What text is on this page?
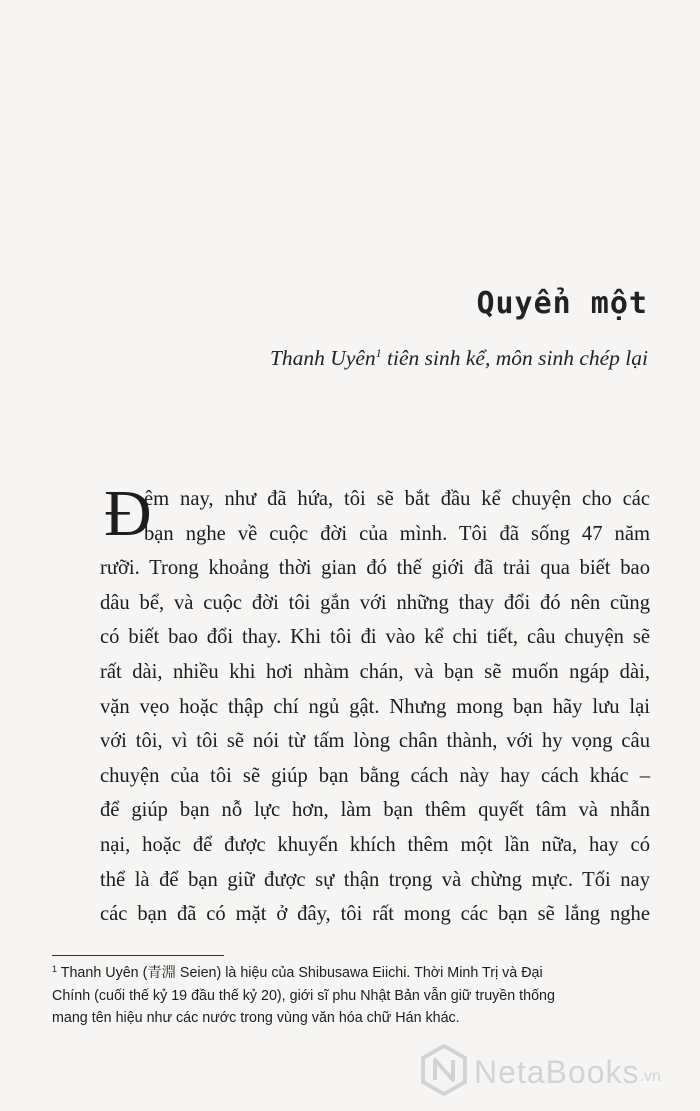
Quyển một
Thanh Uyên$^1$ tiên sinh kể, môn sinh chép lại
Đ
êm nay, như đã hứa, tôi sẽ bắt đầu kể chuyện cho các
bạn nghe về cuộc đời của mình. Tôi đã sống 47 năm
rưỡi. Trong khoảng thời gian đó thế giới đã trải qua biết bao
dâu bể, và cuộc đời tôi gắn với những thay đổi đó nên cũng
có biết bao đổi thay. Khi tôi đi vào kể chi tiết, câu chuyện sẽ
rất dài, nhiều khi hơi nhàm chán, và bạn sẽ muốn ngáp dài,
vặn vẹo hoặc thập chí ngủ gật. Nhưng mong bạn hãy lưu lại
với tôi, vì tôi sẽ nói từ tấm lòng chân thành, với hy vọng câu
chuyện của tôi sẽ giúp bạn bằng cách này hay cách khác –
để giúp bạn nỗ lực hơn, làm bạn thêm quyết tâm và nhẫn
nại, hoặc để được khuyến khích thêm một lần nữa, hay có
thể là để bạn giữ được sự thận trọng và chừng mực. Tối nay
các bạn đã có mặt ở đây, tôi rất mong các bạn sẽ lắng nghe
$^1$ Thanh Uyên (青淵 Seien) là hiệu của Shibusawa Eiichi. Thời Minh Trị và Đại
Chính (cuối thế kỷ 19 đầu thế kỷ 20), giới sĩ phu Nhật Bản vẫn giữ truyền thống
mang tên hiệu như các nước trong vùng văn hóa chữ Hán khác.
NetaBooks .vn
